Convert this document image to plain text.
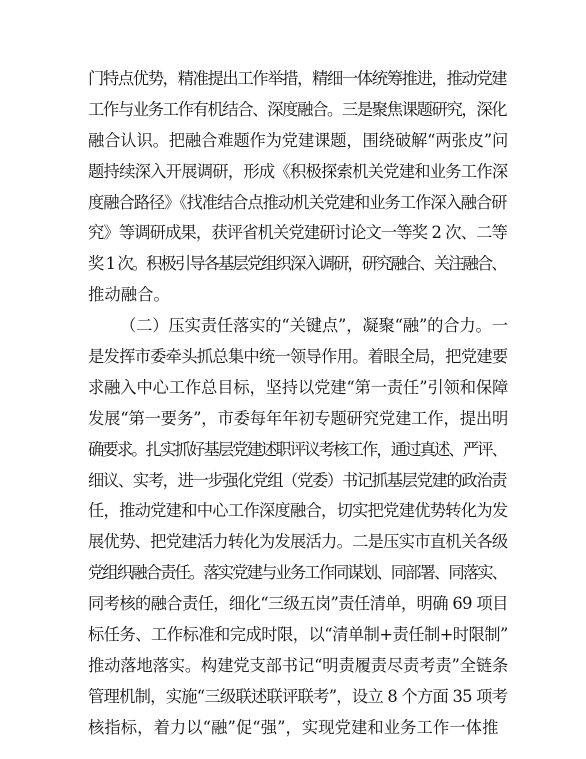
门特点优势，精准提出工作举措，精细一体统筹推进，推动党建
工作与业务工作有机结合、深度融合。三是聚焦课题研究，深化
融合认识。把融合难题作为党建课题，围绕破解“两张皮”问
题持续深入开展调研，形成《积极探索机关党建和业务工作深
度融合路径》《找准结合点推动机关党建和业务工作深入融合研
究》等调研成果，获评省机关党建研讨论文一等奖 2 次、二等
奖 1 次。积极引导各基层党组织深入调研，研究融合、关注融合、
推动融合。
（二）压实责任落实的“关键点”，凝聚“融”的合力。一
是发挥市委牵头抓总集中统一领导作用。着眼全局，把党建要
求融入中心工作总目标，坚持以党建“第一责任”引领和保障
发展“第一要务”，市委每年年初专题研究党建工作，提出明
确要求。扎实抓好基层党建述职评议考核工作，通过真述、严评、
细议、实考，进一步强化党组（党委）书记抓基层党建的政治责
任，推动党建和中心工作深度融合，切实把党建优势转化为发
展优势、把党建活力转化为发展活力。二是压实市直机关各级
党组织融合责任。落实党建与业务工作同谋划、同部署、同落实、
同考核的融合责任，细化“三级五岗”责任清单，明确 69 项目
标任务、工作标准和完成时限，以“清单制+责任制+时限制”
推动落地落实。构建党支部书记“明责履责尽责考责”全链条
管理机制，实施“三级联述联评联考”，设立 8 个方面 35 项考
核指标，着力以“融”促“强”，实现党建和业务工作一体推
